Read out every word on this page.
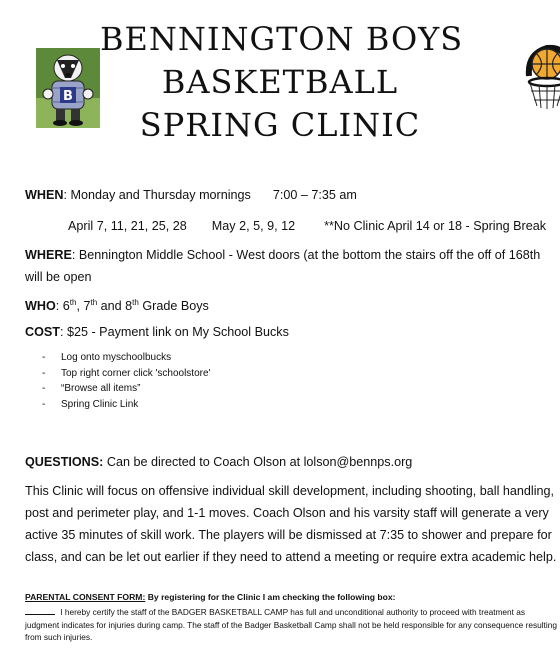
BENNINGTON BOYS
BASKETBALL
SPRING CLINIC
B
WHEN: Monday and Thursday mornings 7:00 – 7:35 am
April 7, 11, 21, 25, 28 May 2, 5, 9, 12 **No Clinic April 14 or 18 - Spring Break
WHERE: Bennington Middle School - West doors (at the bottom the stairs off the off of 168th will be open
WHO: 6th, 7th and 8th Grade Boys
COST: $25 - Payment link on My School Bucks
- Log onto myschoolbucks
- Top right corner click 'schoolstore'
- “Browse all items”
- Spring Clinic Link
QUESTIONS: Can be directed to Coach Olson at lolson@bennps.org
This Clinic will focus on offensive individual skill development, including shooting, ball handling, post and perimeter play, and 1-1 moves. Coach Olson and his varsity staff will generate a very active 35 minutes of skill work. The players will be dismissed at 7:35 to shower and prepare for class, and can be let out earlier if they need to attend a meeting or require extra academic help.
PARENTAL CONSENT FORM: By registering for the Clinic I am checking the following box:
I hereby certify the staff of the BADGER BASKETBALL CAMP has full and unconditional authority to proceed with treatment as judgment indicates for injuries during camp. The staff of the Badger Basketball Camp shall not be held responsible for any consequence resulting from such injuries.
